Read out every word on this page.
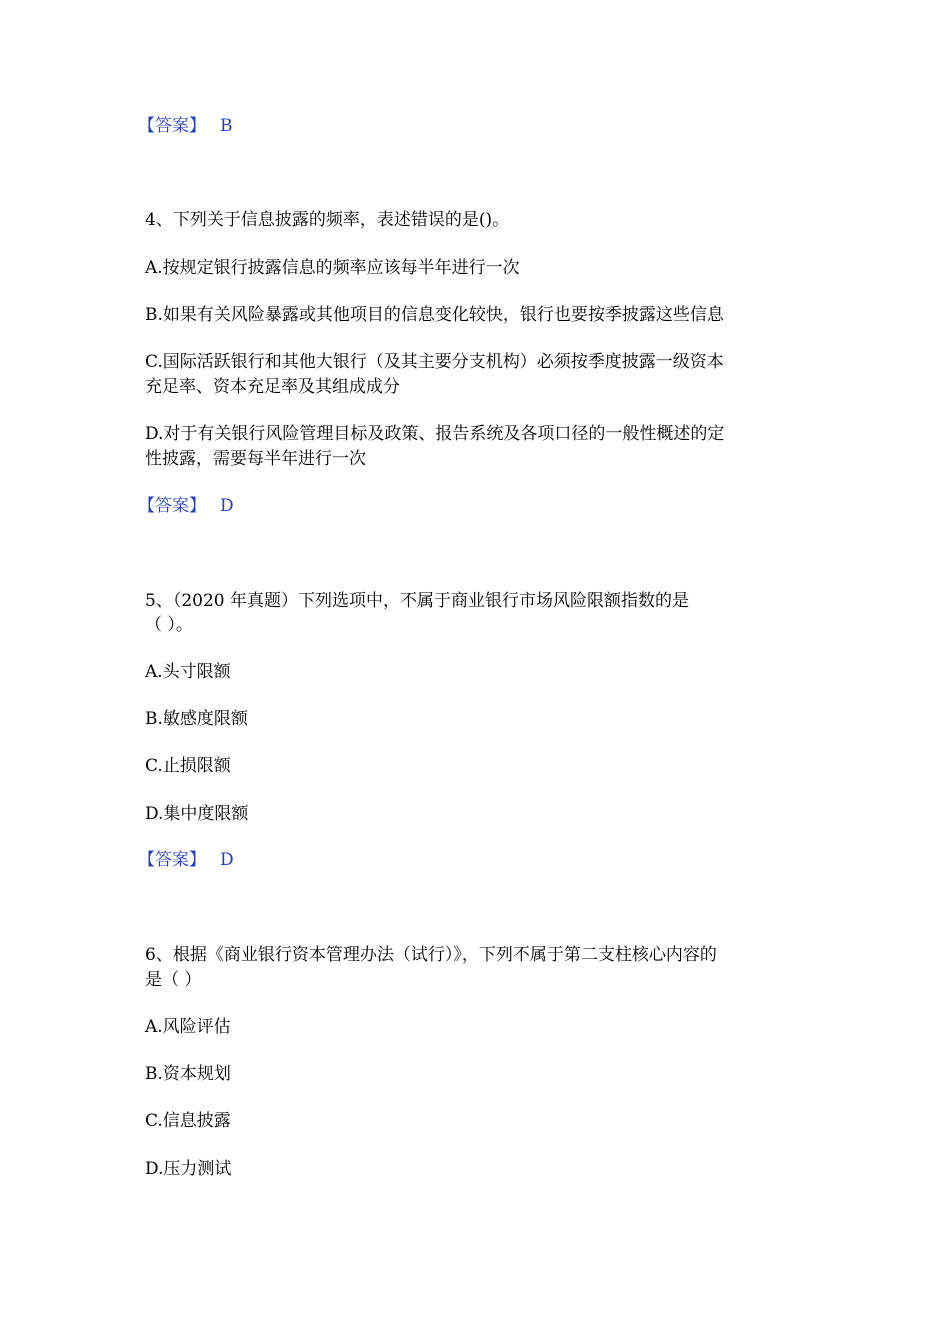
【答案】 B
4、下列关于信息披露的频率，表述错误的是()。
A.按规定银行披露信息的频率应该每半年进行一次
B.如果有关风险暴露或其他项目的信息变化较快，银行也要按季披露这些信息
C.国际活跃银行和其他大银行（及其主要分支机构）必须按季度披露一级资本
充足率、资本充足率及其组成成分
D.对于有关银行风险管理目标及政策、报告系统及各项口径的一般性概述的定
性披露，需要每半年进行一次
【答案】 D
5、（2020 年真题）下列选项中，不属于商业银行市场风险限额指数的是
（ ）。
A.头寸限额
B.敏感度限额
C.止损限额
D.集中度限额
【答案】 D
6、根据《商业银行资本管理办法（试行）》，下列不属于第二支柱核心内容的
是（ ）
A.风险评估
B.资本规划
C.信息披露
D.压力测试
